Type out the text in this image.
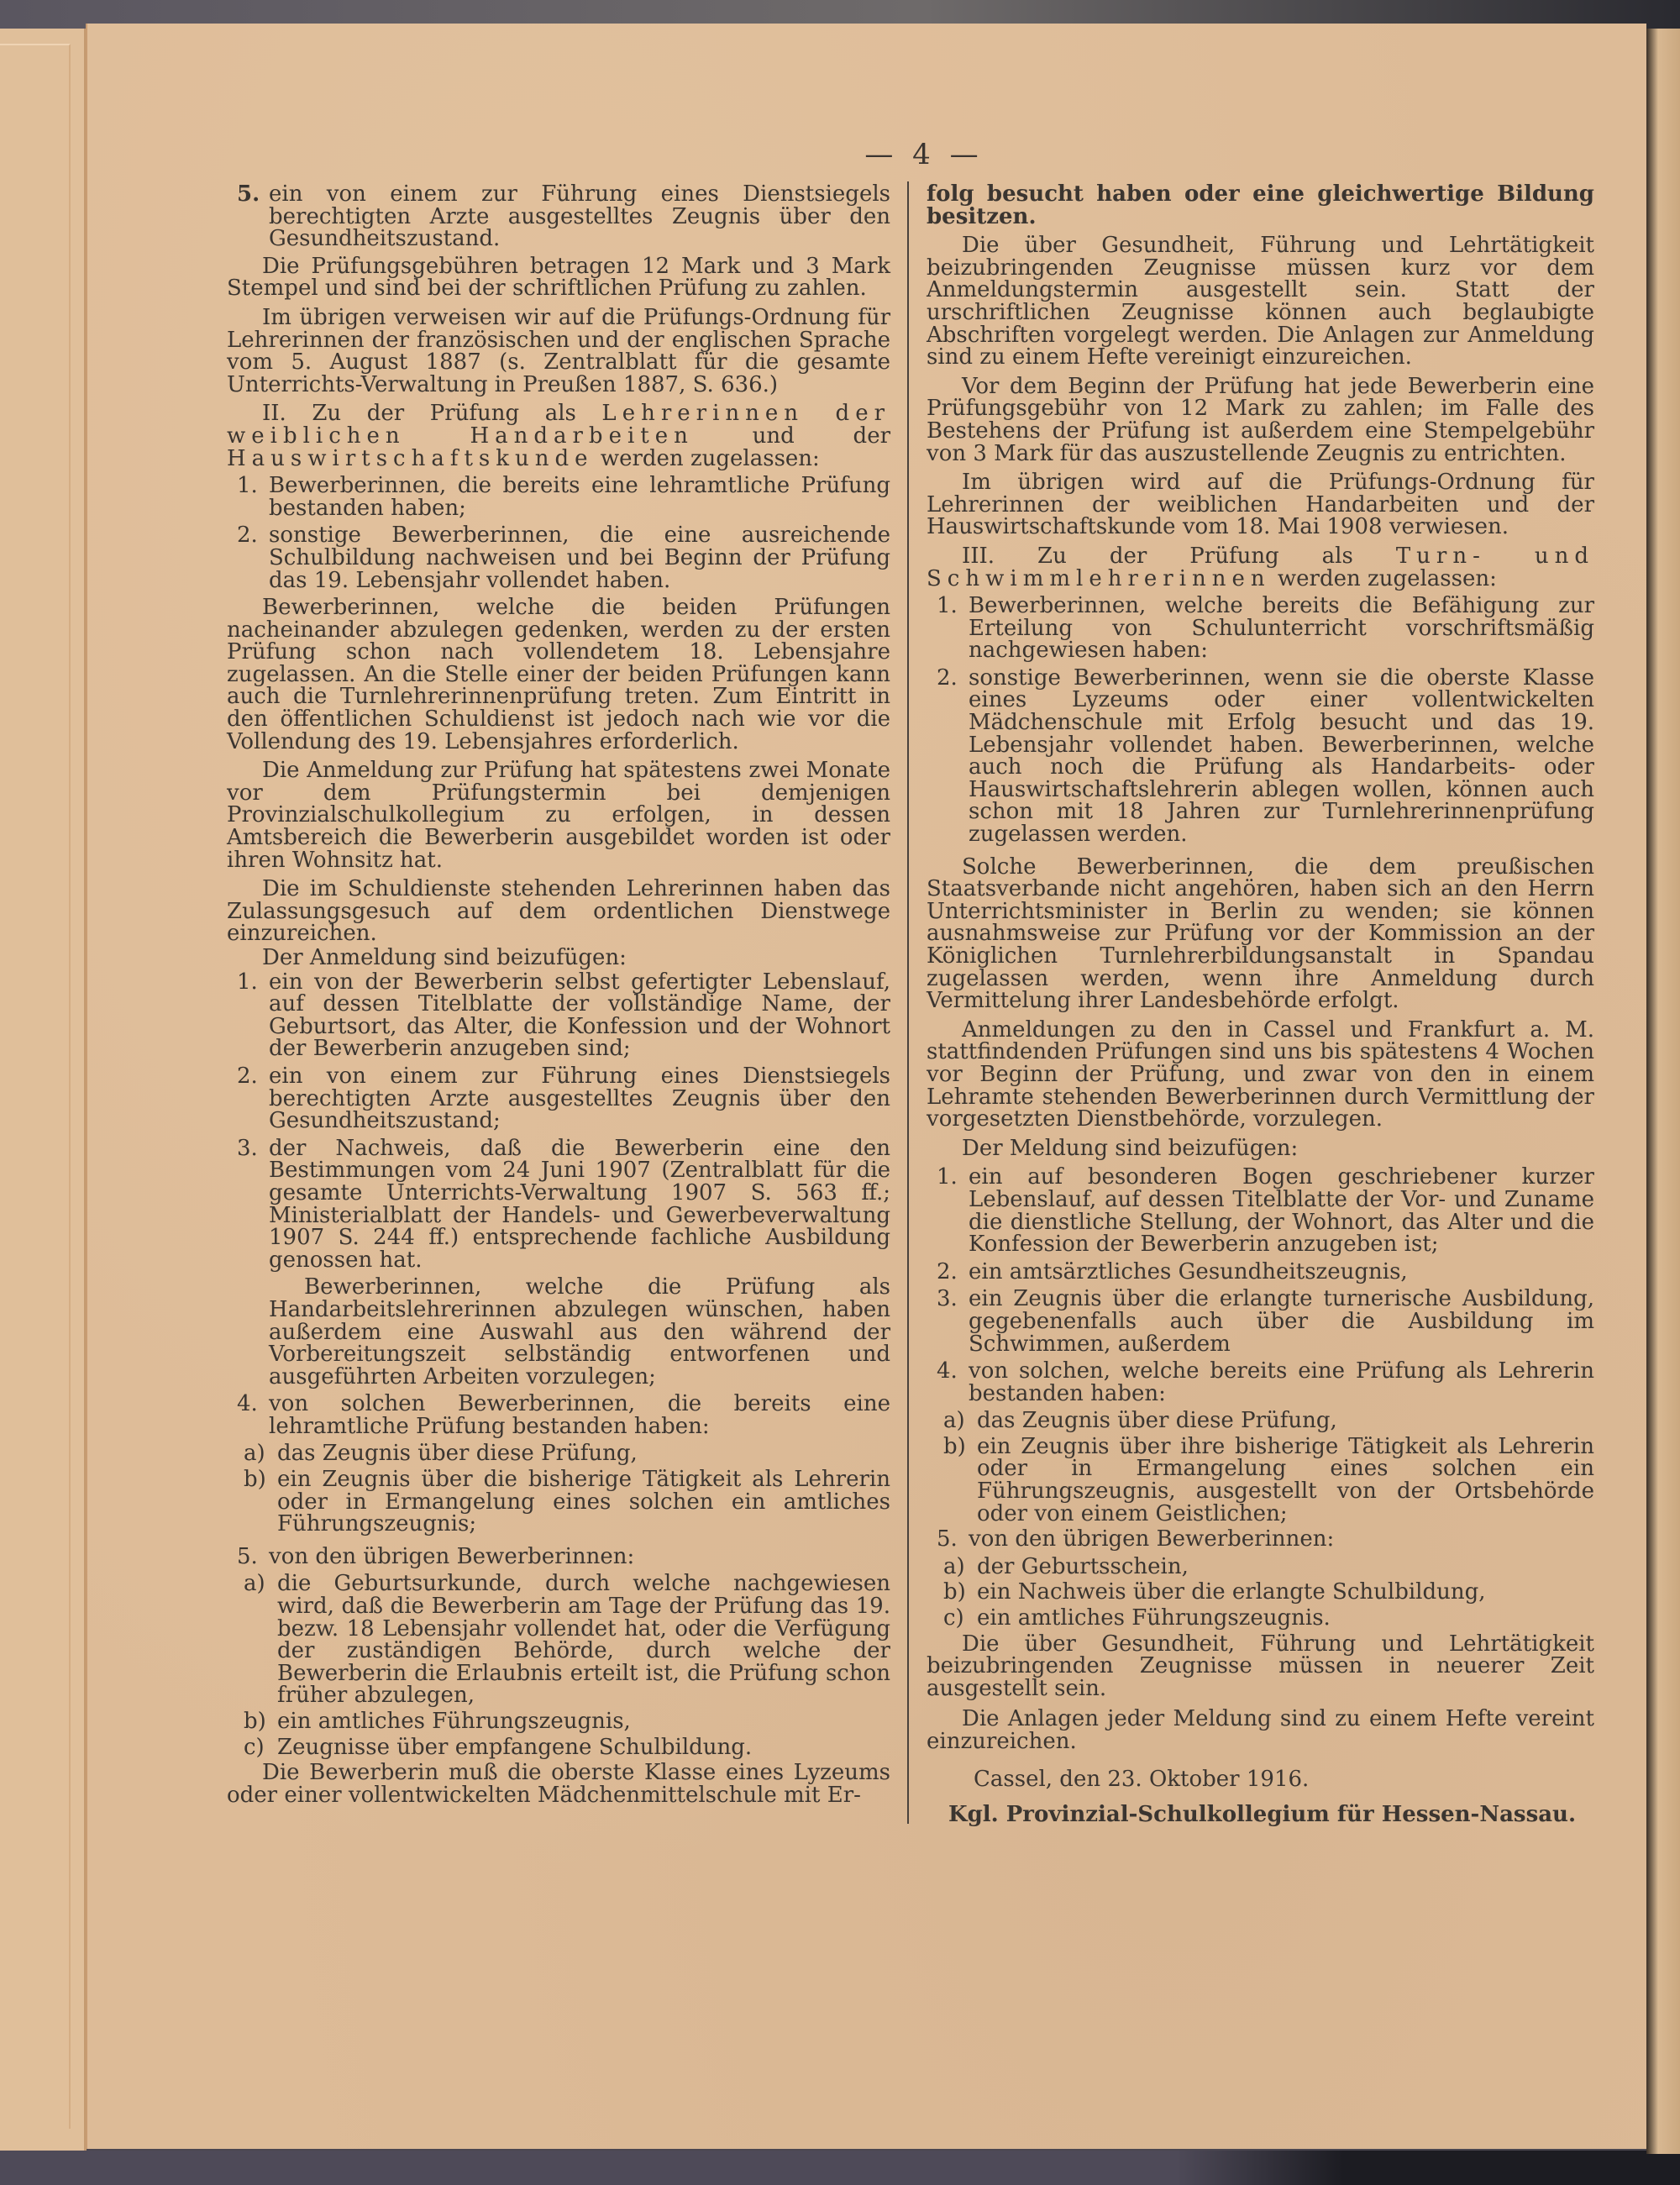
— 4 —
5. ein von einem zur Führung eines Dienstsiegels berechtigten Arzte ausgestelltes Zeugnis über den Gesundheitszustand.

Die Prüfungsgebühren betragen 12 Mark und 3 Mark Stempel und sind bei der schriftlichen Prüfung zu zahlen.

Im übrigen verweisen wir auf die Prüfungs-Ordnung für Lehrerinnen der französischen und der englischen Sprache vom 5. August 1887 (s. Zentralblatt für die gesamte Unterrichts-Verwaltung in Preußen 1887, S. 636.)

II. Zu der Prüfung als Lehrerinnen der weiblichen Handarbeiten	und der Hauswirtschaftskunde werden zugelassen:

1. Bewerberinnen, die bereits eine lehramtliche Prüfung bestanden haben;
2. sonstige Bewerberinnen, die eine ausreichende Schulbildung nachweisen und bei Beginn der Prüfung das 19. Lebensjahr vollendet haben.

Bewerberinnen, welche die beiden Prüfungen nacheinander abzulegen gedenken, werden zu der ersten Prüfung schon nach vollendetem 18. Lebensjahre zugelassen. An die Stelle einer der beiden Prüfungen kann auch die Turnlehrerinnenprüfung treten. Zum Eintritt in den öffentlichen Schuldienst ist jedoch nach wie vor die Vollendung des 19. Lebensjahres erforderlich.

Die Anmeldung zur Prüfung hat spätestens zwei Monate vor dem Prüfungstermin bei demjenigen Provinzialschulkollegium zu erfolgen, in dessen Amtsbereich die Bewerberin ausgebildet worden ist oder ihren Wohnsitz hat.

Die im Schuldienste stehenden Lehrerinnen haben das Zulassungsgesuch auf dem ordentlichen Dienstwege einzureichen.

Der Anmeldung sind beizufügen:

1. ein von der Bewerberin selbst gefertigter Lebenslauf, auf dessen Titelblatte der vollständige Name, der Geburtsort, das Alter, die Konfession und der Wohnort der Bewerberin anzugeben sind;
2. ein von einem zur Führung eines Dienstsiegels berechtigten Arzte ausgestelltes Zeugnis über den Gesundheitszustand;
3. der Nachweis, daß die Bewerberin eine den Bestimmungen vom 24 Juni 1907 (Zentralblatt für die gesamte Unterrichts-Verwaltung 1907 S. 563 ff.; Ministerialblatt der Handels- und Gewerbeverwaltung 1907 S. 244 ff.) entsprechende fachliche Ausbildung genossen hat.

Bewerberinnen, welche die Prüfung als Handarbeitslehrerinnen abzulegen wünschen, haben außerdem eine Auswahl aus den während der Vorbereitungszeit selbständig entworfenen und ausgeführten Arbeiten vorzulegen;

4. von solchen Bewerberinnen, die bereits eine lehramtliche Prüfung bestanden haben:
a) das Zeugnis über diese Prüfung,
b) ein Zeugnis über die bisherige Tätigkeit als Lehrerin oder in Ermangelung eines solchen ein amtliches Führungszeugnis;
5. von den übrigen Bewerberinnen:
a) die Geburtsurkunde, durch welche nachgewiesen wird, daß die Bewerberin am Tage der Prüfung das 19. bezw. 18 Lebensjahr vollendet hat, oder die Verfügung der zuständigen Behörde, durch welche der Bewerberin die Erlaubnis erteilt ist, die Prüfung schon früher abzulegen,
b) ein amtliches Führungszeugnis,
c) Zeugnisse über empfangene Schulbildung.

Die Bewerberin muß die oberste Klasse eines Lyzeums oder einer vollentwickelten Mädchenmittelschule mit Er-

folg besucht haben oder eine gleichwertige Bildung besitzen.

Die über Gesundheit, Führung und Lehrtätigkeit beizubringenden Zeugnisse müssen kurz vor dem Anmeldungstermin ausgestellt sein. Statt der urschriftlichen Zeugnisse können auch beglaubigte Abschriften vorgelegt werden. Die Anlagen zur Anmeldung sind zu einem Hefte vereinigt einzureichen.

Vor dem Beginn der Prüfung hat jede Bewerberin eine Prüfungsgebühr von 12 Mark zu zahlen; im Falle des Bestehens der Prüfung ist außerdem eine Stempelgebühr von 3 Mark für das auszustellende Zeugnis zu entrichten.

Im übrigen wird auf die Prüfungs-Ordnung für Lehrerinnen der weiblichen Handarbeiten und der Hauswirtschaftskunde vom 18. Mai 1908 verwiesen.

III. Zu der Prüfung als Turn- und Schwimmlehrerinnen werden zugelassen:

1. Bewerberinnen, welche bereits die Befähigung zur Erteilung von Schulunterricht vorschriftsmäßig nachgewiesen haben:
2. sonstige Bewerberinnen, wenn sie die oberste Klasse eines Lyzeums oder einer vollentwickelten Mädchenschule mit Erfolg besucht und das 19. Lebensjahr vollendet haben. Bewerberinnen, welche auch noch die Prüfung als Handarbeits- oder Hauswirtschaftslehrerin ablegen wollen, können auch schon mit 18 Jahren zur Turnlehrerinnenprüfung zugelassen werden.

Solche Bewerberinnen, die dem preußischen Staatsverbande nicht angehören, haben sich an den Herrn Unterrichtsminister in Berlin zu wenden; sie können ausnahmsweise zur Prüfung vor der Kommission an der Königlichen Turnlehrerbildungsanstalt in Spandau zugelassen werden, wenn ihre Anmeldung durch Vermittelung ihrer Landesbehörde erfolgt.

Anmeldungen zu den in Cassel und Frankfurt a. M. stattfindenden Prüfungen sind uns bis spätestens 4 Wochen vor Beginn der Prüfung, und zwar von den in einem Lehramte stehenden Bewerberinnen durch Vermittlung der vorgesetzten Dienstbehörde, vorzulegen.

Der Meldung sind beizufügen:

1. ein auf besonderen Bogen geschriebener kurzer Lebenslauf, auf dessen Titelblatte der Vor- und Zuname die dienstliche Stellung, der Wohnort, das Alter und die Konfession der Bewerberin anzugeben ist;
2. ein amtsärztliches Gesundheitszeugnis,
3. ein Zeugnis über die erlangte turnerische Ausbildung, gegebenenfalls auch über die Ausbildung im Schwimmen, außerdem
4. von solchen, welche bereits eine Prüfung als Lehrerin bestanden haben:
a) das Zeugnis über diese Prüfung,
b) ein Zeugnis über ihre bisherige Tätigkeit als Lehrerin oder in Ermangelung eines solchen ein Führungszeugnis, ausgestellt von der Ortsbehörde oder von einem Geistlichen;
5. von den übrigen Bewerberinnen:
a) der Geburtsschein,
b) ein Nachweis über die erlangte Schulbildung,
c) ein amtliches Führungszeugnis.

Die über Gesundheit, Führung und Lehrtätigkeit beizubringenden Zeugnisse müssen in neuerer Zeit ausgestellt sein.

Die Anlagen jeder Meldung sind zu einem Hefte vereint einzureichen.

Cassel, den 23. Oktober 1916.

Kgl. Provinzial-Schulkollegium für Hessen-Nassau.
